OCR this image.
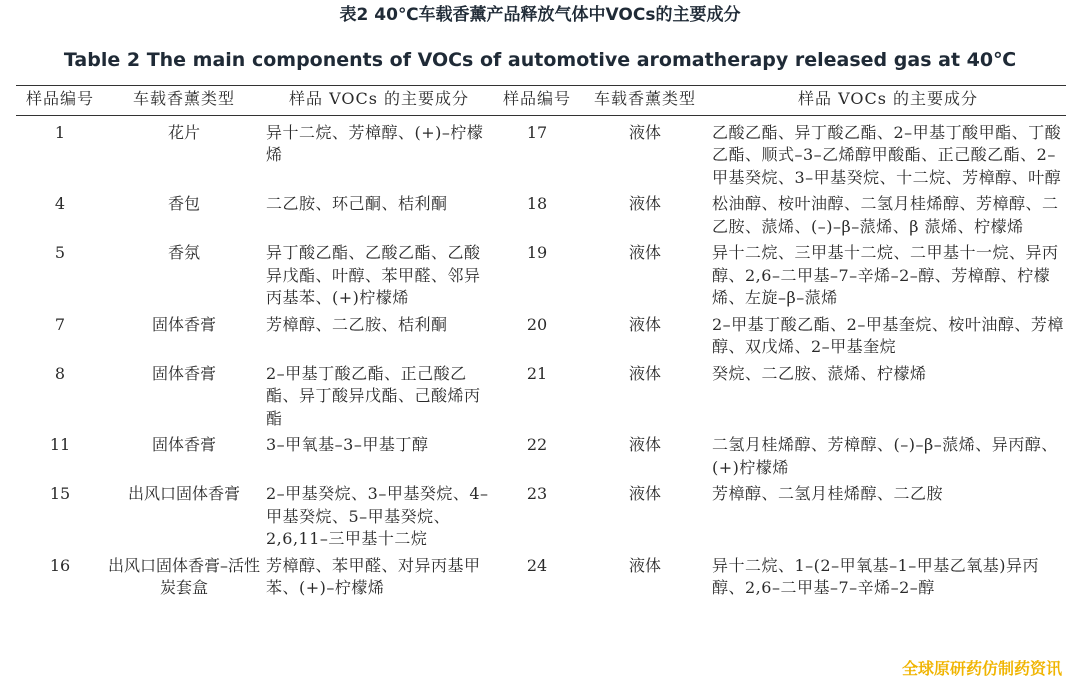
表2 40℃车载香薰产品释放气体中VOCs的主要成分
Table 2 The main components of VOCs of automotive aromatherapy released gas at 40℃
样品编号	车载香薰类型	样品 VOCs 的主要成分	样品编号	车载香薰类型	样品 VOCs 的主要成分
1	花片	异十二烷、芳樟醇、(+)–柠檬烯	17	液体	乙酸乙酯、异丁酸乙酯、2–甲基丁酸甲酯、丁酸乙酯、顺式–3–乙烯醇甲酸酯、正己酸乙酯、2–甲基癸烷、3–甲基癸烷、十二烷、芳樟醇、叶醇
4	香包	二乙胺、环己酮、桔利酮	18	液体	松油醇、桉叶油醇、二氢月桂烯醇、芳樟醇、二乙胺、蒎烯、(–)–β–蒎烯、β 蒎烯、柠檬烯
5	香氛	异丁酸乙酯、乙酸乙酯、乙酸异戊酯、叶醇、苯甲醛、邻异丙基苯、(+)柠檬烯	19	液体	异十二烷、三甲基十二烷、二甲基十一烷、异丙醇、2,6–二甲基–7–辛烯–2–醇、芳樟醇、柠檬烯、左旋–β–蒎烯
7	固体香膏	芳樟醇、二乙胺、桔利酮	20	液体	2–甲基丁酸乙酯、2–甲基奎烷、桉叶油醇、芳樟醇、双戊烯、2–甲基奎烷
8	固体香膏	2–甲基丁酸乙酯、正己酸乙酯、异丁酸异戊酯、己酸烯丙酯	21	液体	癸烷、二乙胺、蒎烯、柠檬烯
11	固体香膏	3–甲氧基–3–甲基丁醇	22	液体	二氢月桂烯醇、芳樟醇、(–)–β–蒎烯、异丙醇、(+)柠檬烯
15	出风口固体香膏	2–甲基癸烷、3–甲基癸烷、4–甲基癸烷、5–甲基癸烷、2,6,11–三甲基十二烷	23	液体	芳樟醇、二氢月桂烯醇、二乙胺
16	出风口固体香膏–活性炭套盒	芳樟醇、苯甲醛、对异丙基甲苯、(+)–柠檬烯	24	液体	异十二烷、1–(2–甲氧基–1–甲基乙氧基)异丙醇、2,6–二甲基–7–辛烯–2–醇
全球原研药仿制药资讯
